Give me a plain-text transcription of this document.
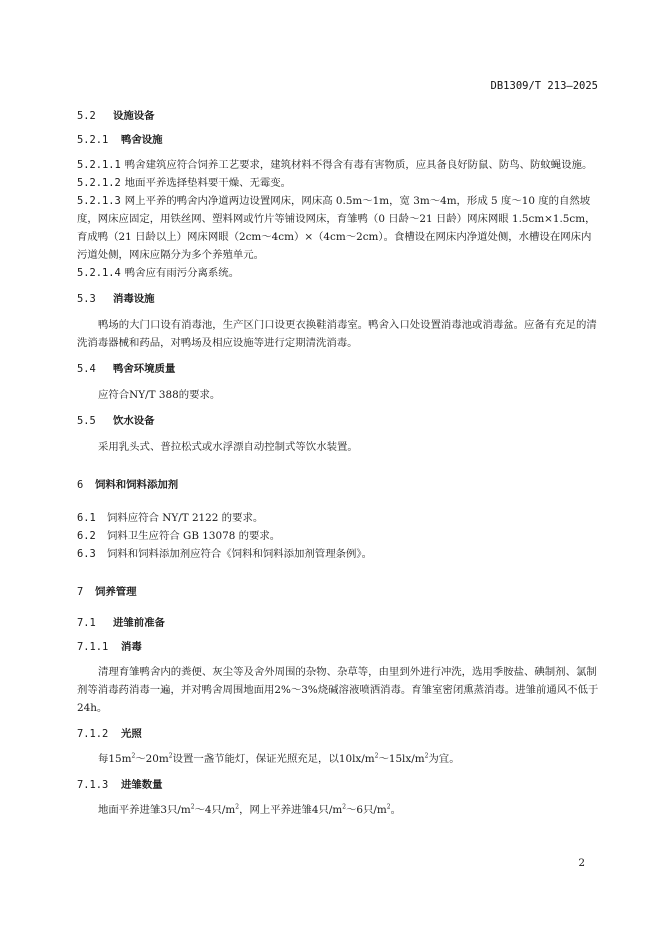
DB1309/T 213—2025
5.2 设施设备
5.2.1 鸭舍设施

5.2.1.1 鸭舍建筑应符合饲养工艺要求，建筑材料不得含有毒有害物质，应具备良好防鼠、防鸟、防蚊蝇设施。

5.2.1.2 地面平养选择垫料要干燥、无霉变。

5.2.1.3 网上平养的鸭舍内净道两边设置网床，网床高 0.5m～1m，宽 3m～4m，形成 5 度～10 度的自然坡度，网床应固定，用铁丝网、塑料网或竹片等铺设网床，育雏鸭（0 日龄～21 日龄）网床网眼 1.5cm×1.5cm，育成鸭（21 日龄以上）网床网眼（2cm～4cm）×（4cm～2cm）。食槽设在网床内净道处侧，水槽设在网床内污道处侧，网床应隔分为多个养殖单元。

5.2.1.4 鸭舍应有雨污分离系统。

5.3 消毒设施

鸭场的大门口设有消毒池，生产区门口设更衣换鞋消毒室。鸭舍入口处设置消毒池或消毒盆。应备有充足的清洗消毒器械和药品，对鸭场及相应设施等进行定期清洗消毒。

5.4 鸭舍环境质量

应符合NY/T 388的要求。

5.5 饮水设备

采用乳头式、普拉松式或水浮漂自动控制式等饮水装置。

6 饲料和饲料添加剂

6.1 饲料应符合 NY/T 2122 的要求。

6.2 饲料卫生应符合 GB 13078 的要求。

6.3 饲料和饲料添加剂应符合《饲料和饲料添加剂管理条例》。

7 饲养管理
7.1 进雏前准备
7.1.1 消毒

清理育雏鸭舍内的粪便、灰尘等及舍外周围的杂物、杂草等，由里到外进行冲洗，选用季胺盐、碘制剂、氯制剂等消毒药消毒一遍，并对鸭舍周围地面用2%～3%烧碱溶液喷洒消毒。育雏室密闭熏蒸消毒。进雏前通风不低于24h。

7.1.2 光照

每$15m^2\sim 20m^2$设置一盏节能灯，保证光照充足，以$10lx/m^2\sim 15lx/m^2$为宜。

7.1.3 进雏数量

地面平养进雏3只$/m^2\sim 4$只$/m^2$，网上平养进雏4只$/m^2\sim 6$只$/m^2$。

2
